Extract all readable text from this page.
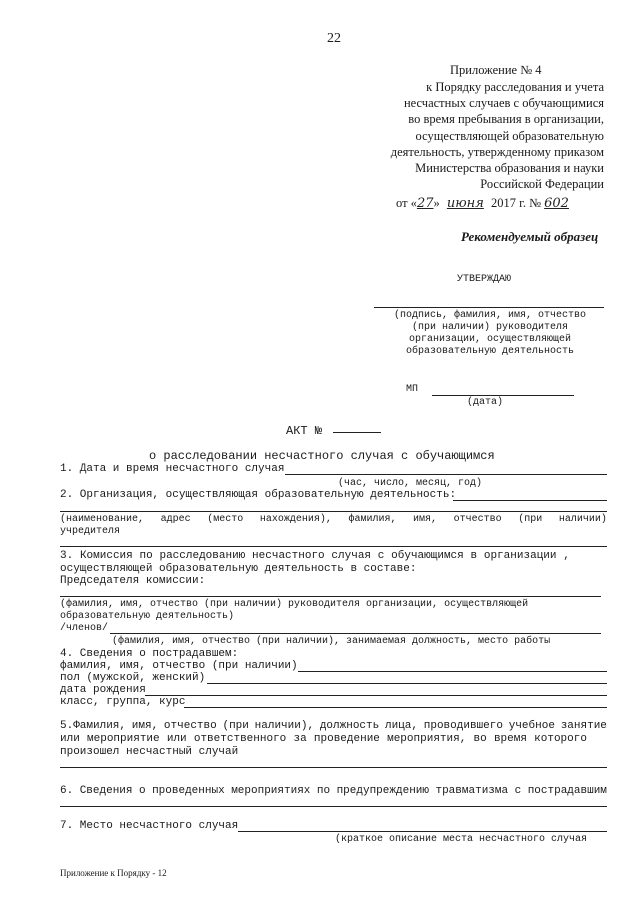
22
Приложение № 4
к Порядку расследования и учета
несчастных случаев с обучающимися
во время пребывания в организации,
осуществляющей образовательную
деятельность, утвержденному приказом
Министерства образования и науки
Российской Федерации
от «27» июня 2017 г. № 602
Рекомендуемый образец
УТВЕРЖДАЮ
(подпись, фамилия, имя, отчество
(при наличии) руководителя
организации, осуществляющей
образовательную деятельность
МП
(дата)
АКТ №
о расследовании несчастного случая с обучающимся
1. Дата и время несчастного случая
(час, число, месяц, год)
2. Организация, осуществляющая образовательную деятельность:
(наименование, адрес (место нахождения), фамилия, имя, отчество (при наличии)
учредителя
3. Комиссия по расследованию несчастного случая с обучающимся в организации ,
осуществляющей образовательную деятельность в составе:
Председателя комиссии:
(фамилия, имя, отчество (при наличии) руководителя организации, осуществляющей
образовательную деятельность)
/членов/
(фамилия, имя, отчество (при наличии), занимаемая должность, место работы
4. Сведения о пострадавшем:
фамилия, имя, отчество (при наличии)
пол (мужской, женский)
дата рождения
класс, группа, курс
5.Фамилия, имя, отчество (при наличии), должность лица, проводившего учебное занятие
или мероприятие или ответственного за проведение мероприятия, во время которого
произошел несчастный случай
6. Сведения о проведенных мероприятиях по предупреждению травматизма с пострадавшим
7. Место несчастного случая
(краткое описание места несчастного случая
Приложение к Порядку - 12
